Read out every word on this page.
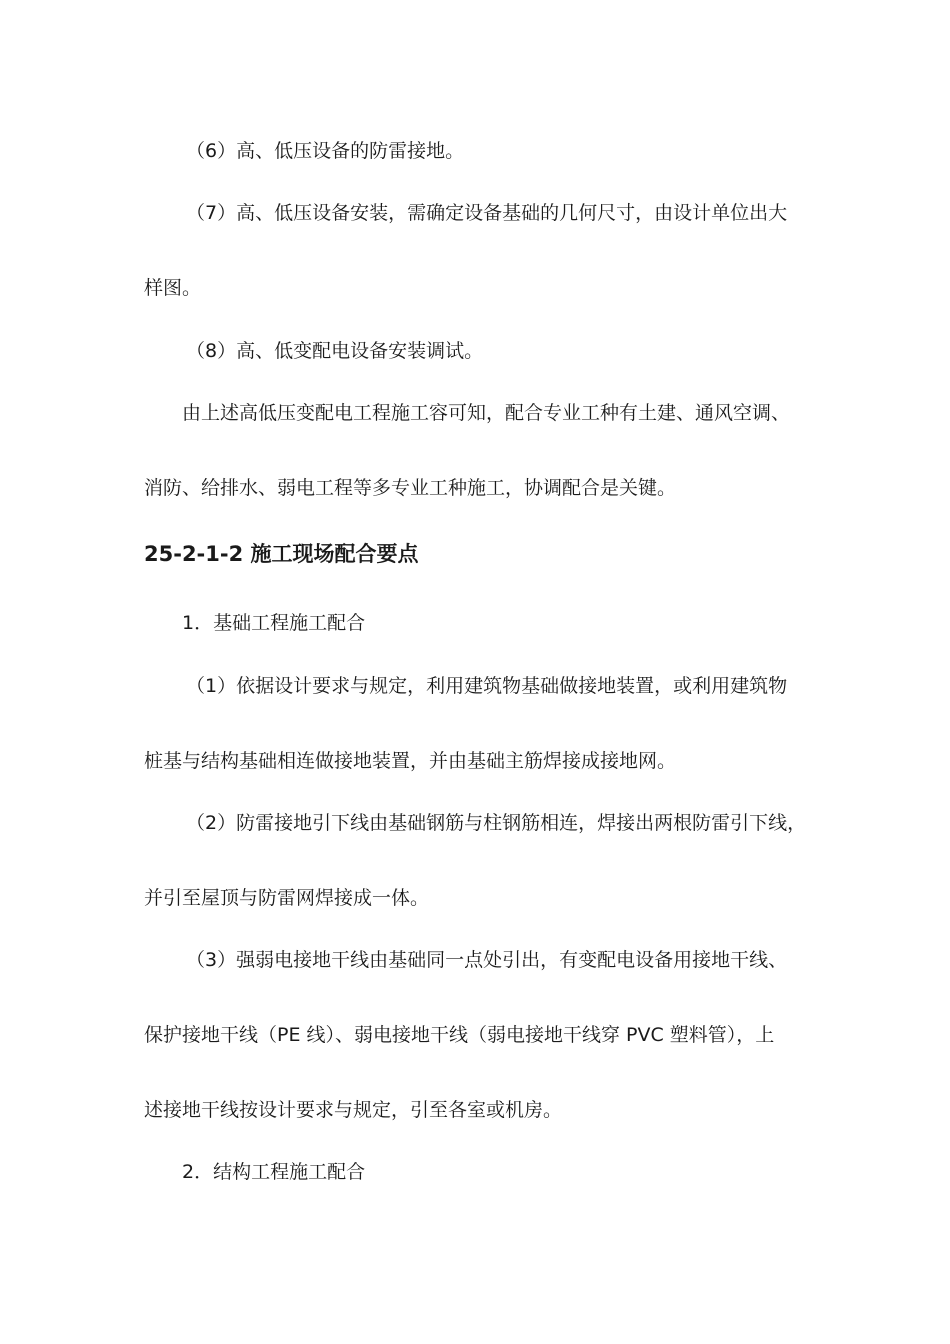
（6）高、低压设备的防雷接地。
（7）高、低压设备安装，需确定设备基础的几何尺寸，由设计单位出大
样图。
（8）高、低变配电设备安装调试。
由上述高低压变配电工程施工容可知，配合专业工种有土建、通风空调、
消防、给排水、弱电工程等多专业工种施工，协调配合是关键。
25-2-1-2 施工现场配合要点
1．基础工程施工配合
（1）依据设计要求与规定，利用建筑物基础做接地装置，或利用建筑物
桩基与结构基础相连做接地装置，并由基础主筋焊接成接地网。
（2）防雷接地引下线由基础钢筋与柱钢筋相连，焊接出两根防雷引下线，
并引至屋顶与防雷网焊接成一体。
（3）强弱电接地干线由基础同一点处引出，有变配电设备用接地干线、
保护接地干线（PE 线）、弱电接地干线（弱电接地干线穿 PVC 塑料管），上
述接地干线按设计要求与规定，引至各室或机房。
2．结构工程施工配合
